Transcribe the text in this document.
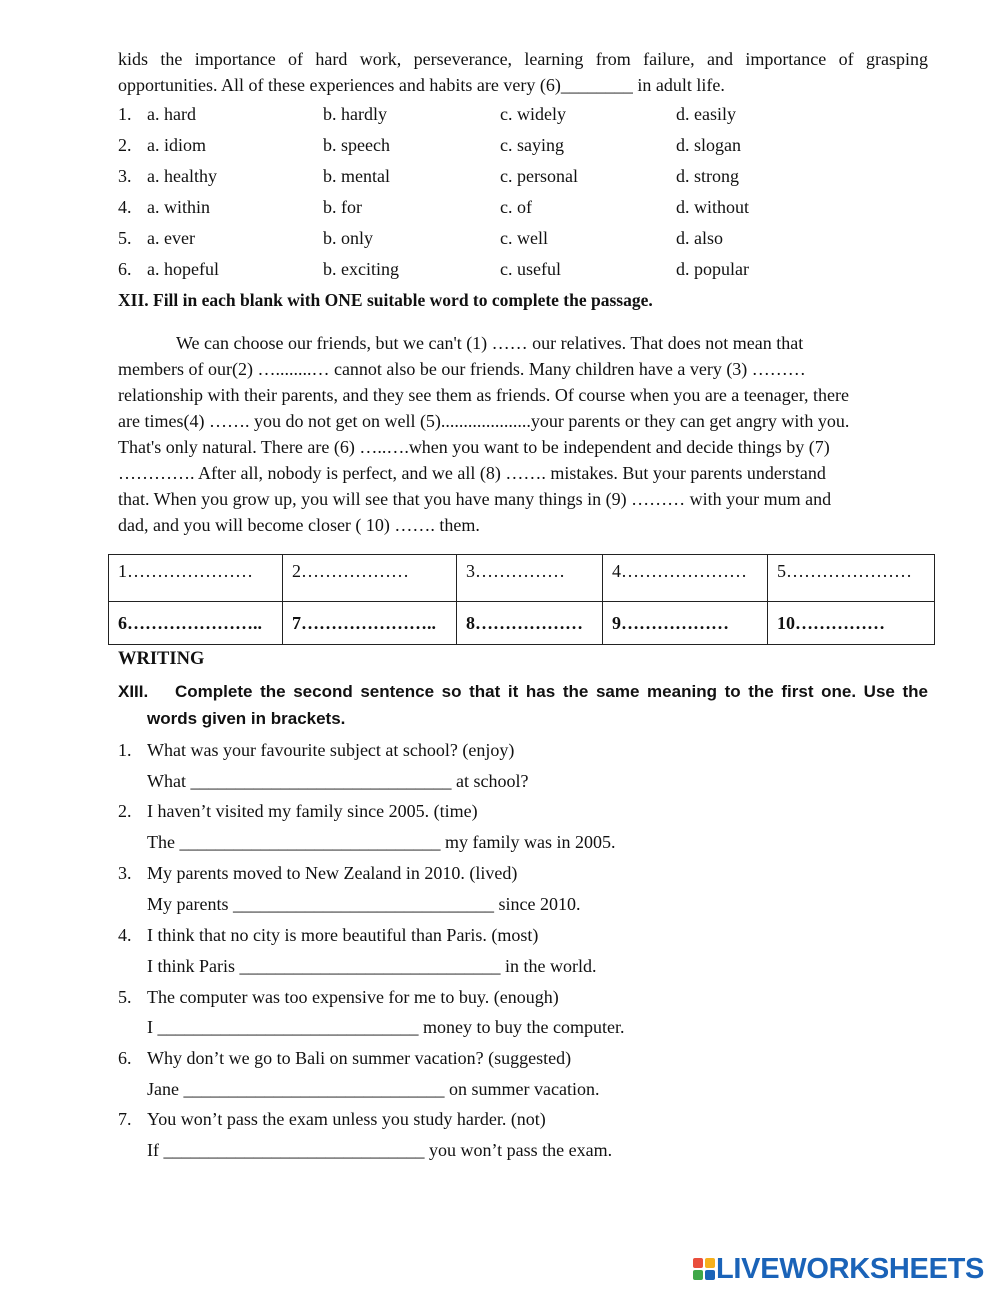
kids the importance of hard work, perseverance, learning from failure, and importance of grasping
opportunities. All of these experiences and habits are very (6)________ in adult life.
1. a. hard	b. hardly	c. widely	d. easily
2. a. idiom	b. speech	c. saying	d. slogan
3. a. healthy	b. mental	c. personal	d. strong
4. a. within	b. for	c. of	d. without
5. a. ever	b. only	c. well	d. also
6. a. hopeful	b. exciting	c. useful	d. popular
XII. Fill in each blank with ONE suitable word to complete the passage.
We can choose our friends, but we can't (1) …… our relatives. That does not mean that
members of our(2) …........… cannot also be our friends. Many children have a very (3) ………
relationship with their parents, and they see them as friends. Of course when you are a teenager, there
are times(4) ……. you do not get on well (5)....................your parents or they can get angry with you.
That's only natural. There are (6) …..….when you want to be independent and decide things by (7)
…………. After all, nobody is perfect, and we all (8) ……. mistakes. But your parents understand
that. When you grow up, you will see that you have many things in (9) ……… with your mum and
dad, and you will become closer ( 10) ……. them.
1…………………	2………………	3……………	4…………………	5…………………
6…………………..	7…………………..	8………………	9………………	10……………
WRITING
XIII.	Complete the second sentence so that it has the same meaning to the first one. Use the words given in brackets.
1. What was your favourite subject at school? (enjoy)
What _____________________________ at school?
2. I haven’t visited my family since 2005. (time)
The _____________________________ my family was in 2005.
3. My parents moved to New Zealand in 2010. (lived)
My parents _____________________________ since 2010.
4. I think that no city is more beautiful than Paris. (most)
I think Paris _____________________________ in the world.
5. The computer was too expensive for me to buy. (enough)
I _____________________________ money to buy the computer.
6. Why don’t we go to Bali on summer vacation? (suggested)
Jane _____________________________ on summer vacation.
7. You won’t pass the exam unless you study harder. (not)
If _____________________________ you won’t pass the exam.
LIVEWORKSHEETS
